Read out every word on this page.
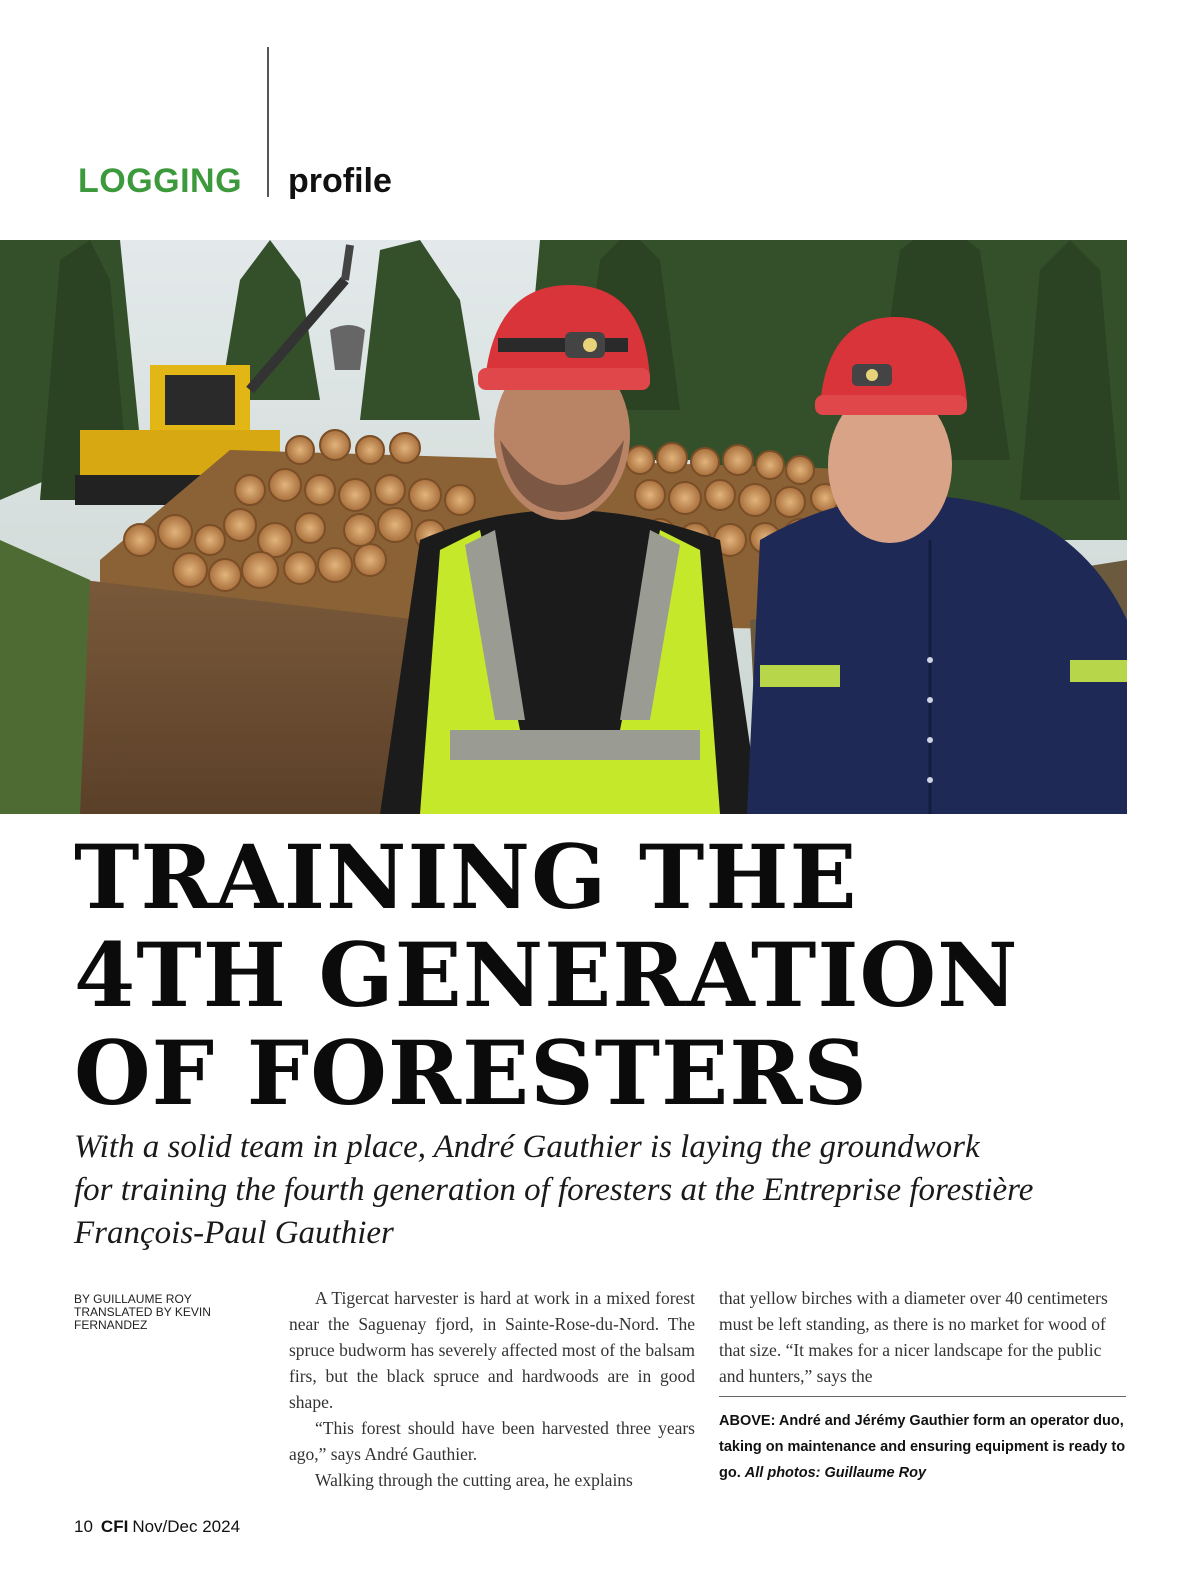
LOGGING profile
TRAINING THE
4TH GENERATION
OF FORESTERS
With a solid team in place, André Gauthier is laying the groundwork
for training the fourth generation of foresters at the Entreprise forestière
François-Paul Gauthier
BY GUILLAUME ROY
TRANSLATED BY KEVIN FERNANDEZ

A Tigercat harvester is hard at work in a mixed forest near the Saguenay fjord, in Sainte-Rose-du-Nord. The spruce budworm has severely affected most of the balsam firs, but the black spruce and hardwoods are in good shape.

“This forest should have been harvested three years ago,” says André Gauthier.

Walking through the cutting area, he explains

that yellow birches with a diameter over 40 centimeters must be left standing, as there is no market for wood of that size. “It makes for a nicer landscape for the public and hunters,” says the

ABOVE: André and Jérémy Gauthier form an operator duo, taking on maintenance and ensuring equipment is ready to go. All photos: Guillaume Roy
10 CFI Nov/Dec 2024
